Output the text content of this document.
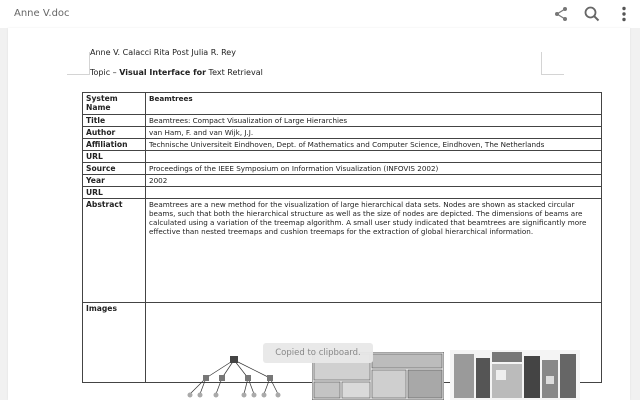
Anne V.doc
Anne V. Calacci Rita Post Julia R. Rey
Topic – Visual Interface for Text Retrieval
System Name	Beamtrees
Title	Beamtrees: Compact Visualization of Large Hierarchies
Author	van Ham, F. and van Wijk, J.J.
Affiliation	Technische Universiteit Eindhoven, Dept. of Mathematics and Computer Science, Eindhoven, The Netherlands
URL	
Source	Proceedings of the IEEE Symposium on Information Visualization (INFOVIS 2002)
Year	2002
URL	
Abstract	Beamtrees are a new method for the visualization of large hierarchical data sets. Nodes are shown as stacked circular beams, such that both the hierarchical structure as well as the size of nodes are depicted. The dimensions of beams are calculated using a variation of the treemap algorithm. A small user study indicated that beamtrees are significantly more effective than nested treemaps and cushion treemaps for the extraction of global hierarchical information.
Images	
Copied to clipboard.
